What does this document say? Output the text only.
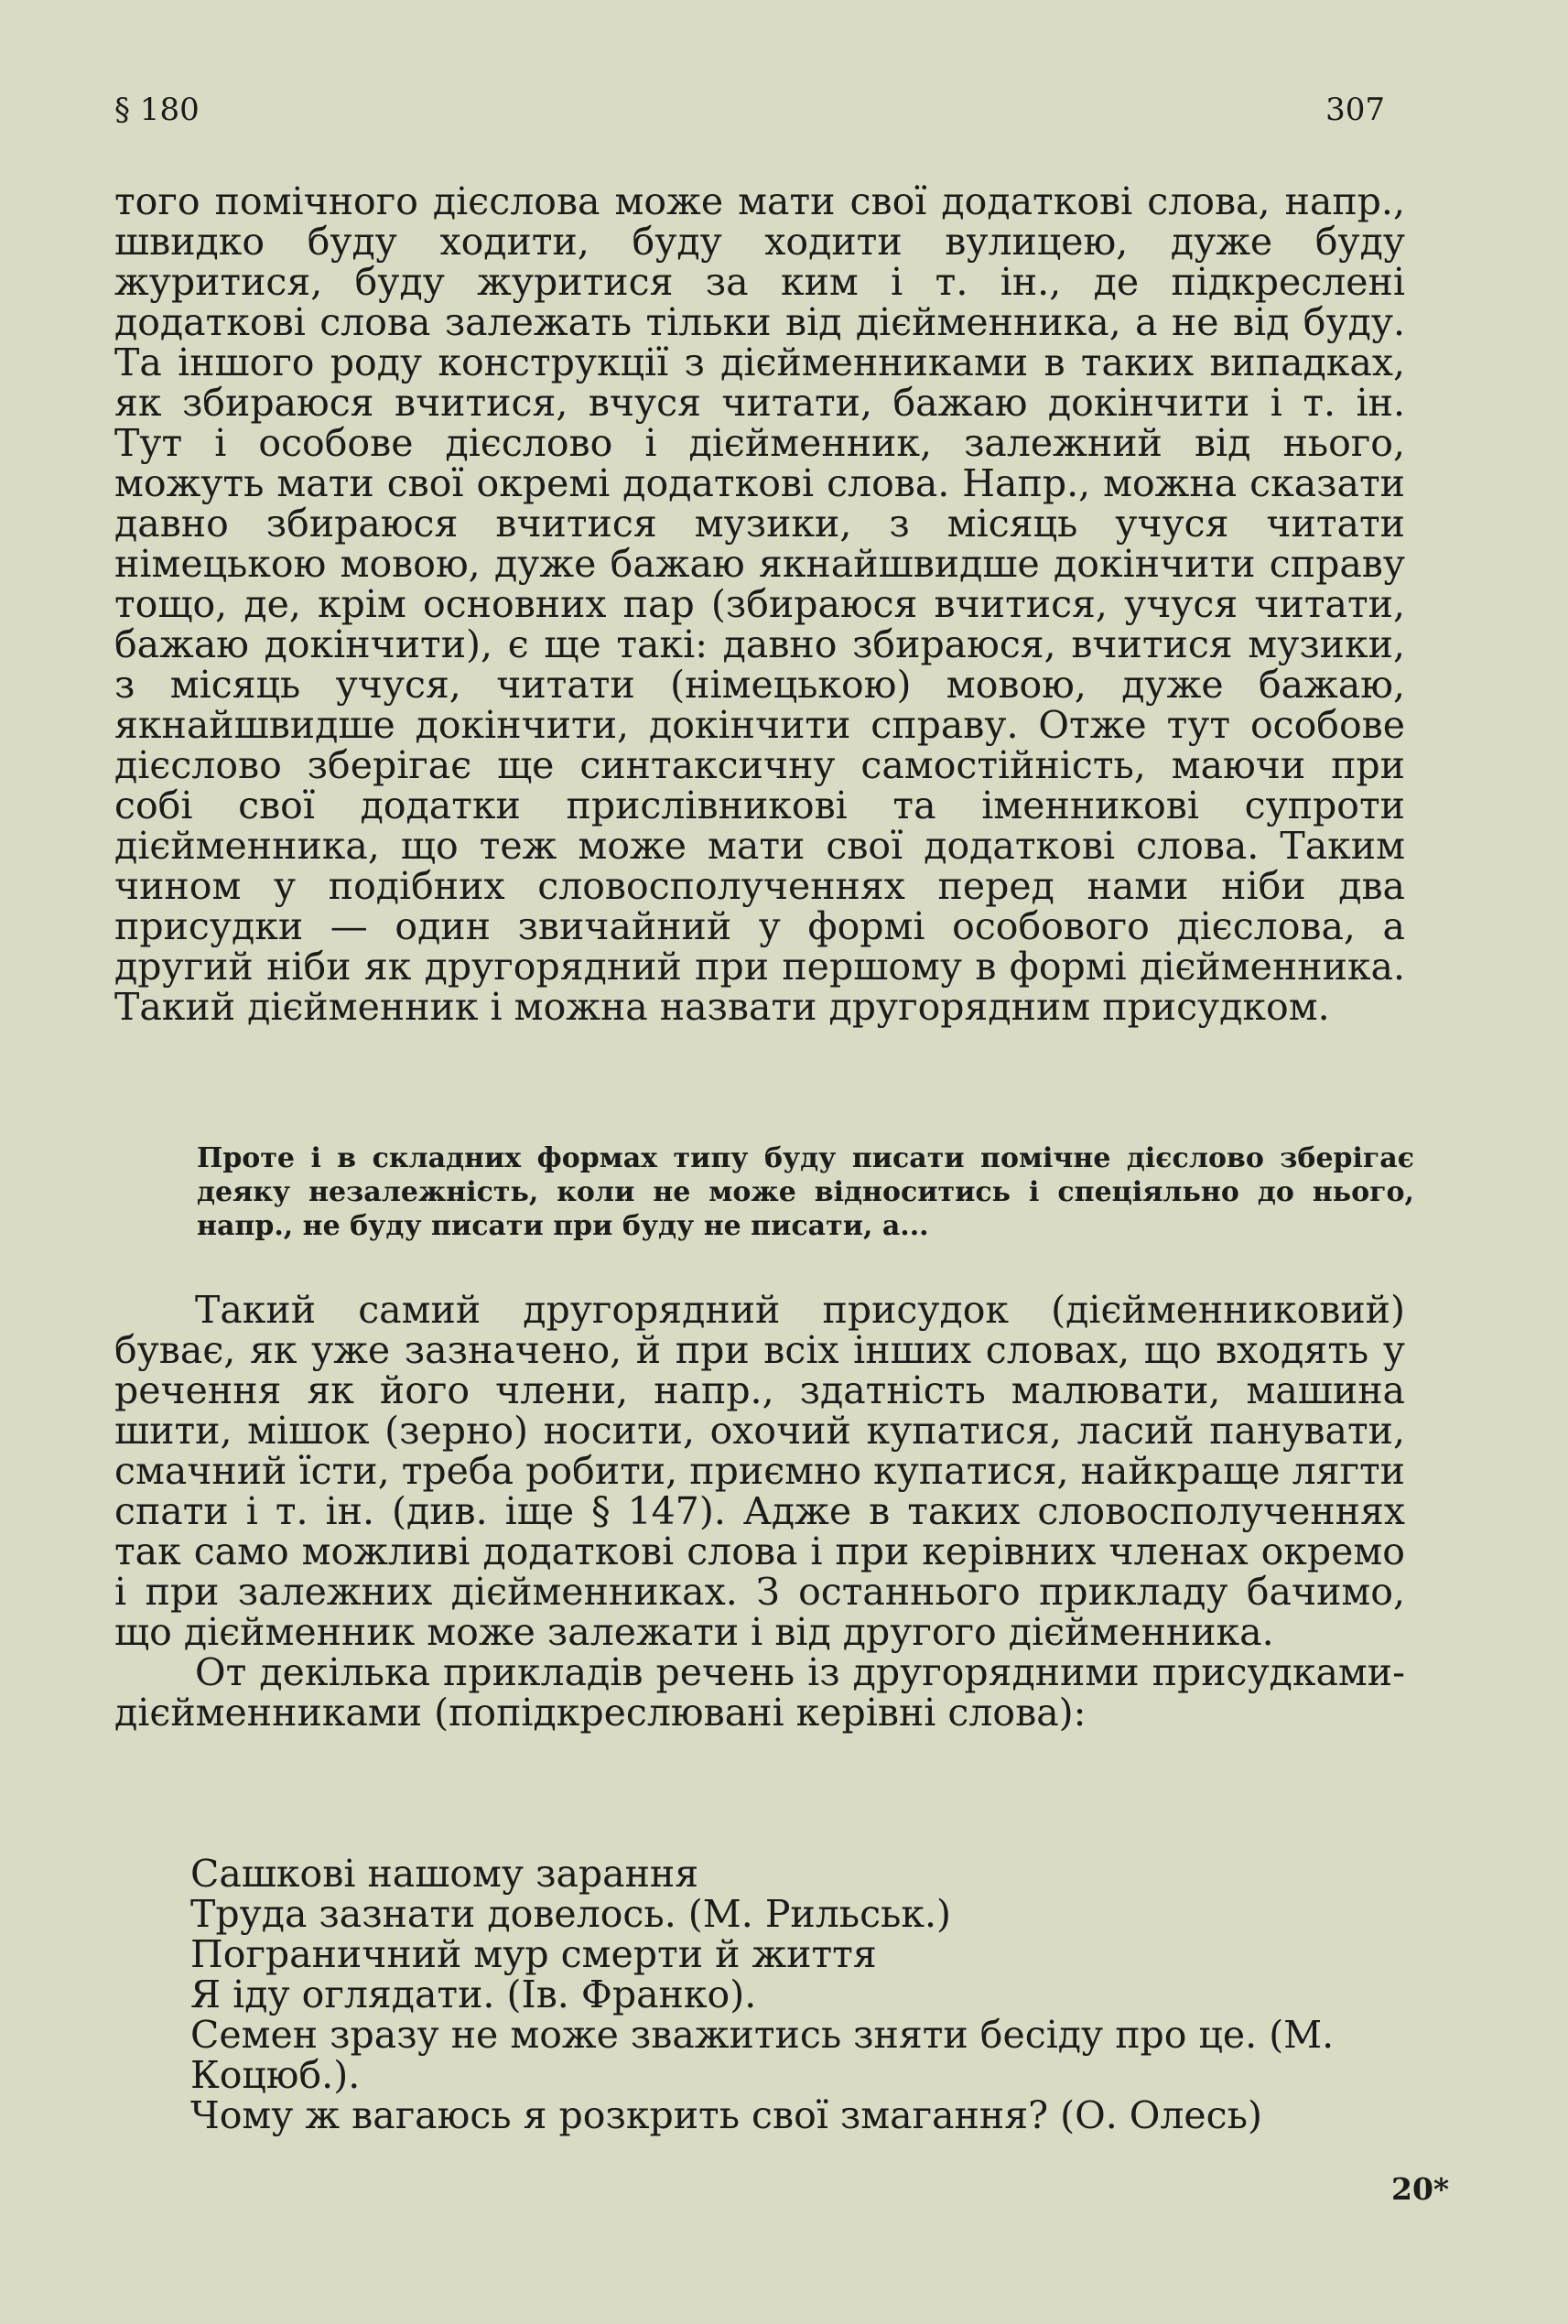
§ 180	307

того помічного дієслова може мати свої додаткові слова, напр., швидко буду ходити, буду ходити вулицею, дуже буду журитися, буду журитися за ким і т. ін., де підкреслені додаткові слова залежать тільки від дієйменника, а не від буду. Та іншого роду конструкції з дієйменниками в таких випадках, як збираюся вчитися, вчуся читати, бажаю докінчити і т. ін. Тут і особове дієслово і дієйменник, залежний від нього, можуть мати свої окремі додаткові слова. Напр., можна сказати давно збираюся вчитися музики, з місяць учуся читати німецькою мовою, дуже бажаю якнайшвидше докінчити справу тощо, де, крім основних пар (збираюся вчитися, учуся читати, бажаю докінчити), є ще такі: давно збираюся, вчитися музики, з місяць учуся, читати (німецькою) мовою, дуже бажаю, якнайшвидше докінчити, докінчити справу. Отже тут особове дієслово зберігає ще синтаксичну самостійність, маючи при собі свої додатки прислівникові та іменникові супроти дієйменника, що теж може мати свої додаткові слова. Таким чином у подібних словосполученнях перед нами ніби два присудки — один звичайний у формі особового дієслова, а другий ніби як другорядний при першому в формі дієйменника. Такий дієйменник і можна назвати другорядним присудком.

Проте і в складних формах типу буду писати помічне дієслово зберігає деяку незалежність, коли не може відноситись і спеціяльно до нього, напр., не буду писати при буду не писати, а...

Такий самий другорядний присудок (дієйменниковий) буває, як уже зазначено, й при всіх інших словах, що входять у речення як його члени, напр., здатність малювати, машина шити, мішок (зерно) носити, охочий купатися, ласий панувати, смачний їсти, треба робити, приємно купатися, найкраще лягти спати і т. ін. (див. іще § 147). Адже в таких словосполученнях так само можливі додаткові слова і при керівних членах окремо і при залежних дієйменниках. З останнього прикладу бачимо, що дієйменник може залежати і від другого дієйменника.

От декілька прикладів речень із другорядними присудками-дієйменниками (попідкреслювані керівні слова):

Сашкові нашому зарання
Труда зазнати довелось. (М. Рильськ.)
Пограничний мур смерти й життя
Я іду оглядати. (Ів. Франко).
Семен зразу не може зважитись зняти бесіду про це. (М. Коцюб.).
Чому ж вагаюсь я розкрить свої змагання? (О. Олесь)
20*
